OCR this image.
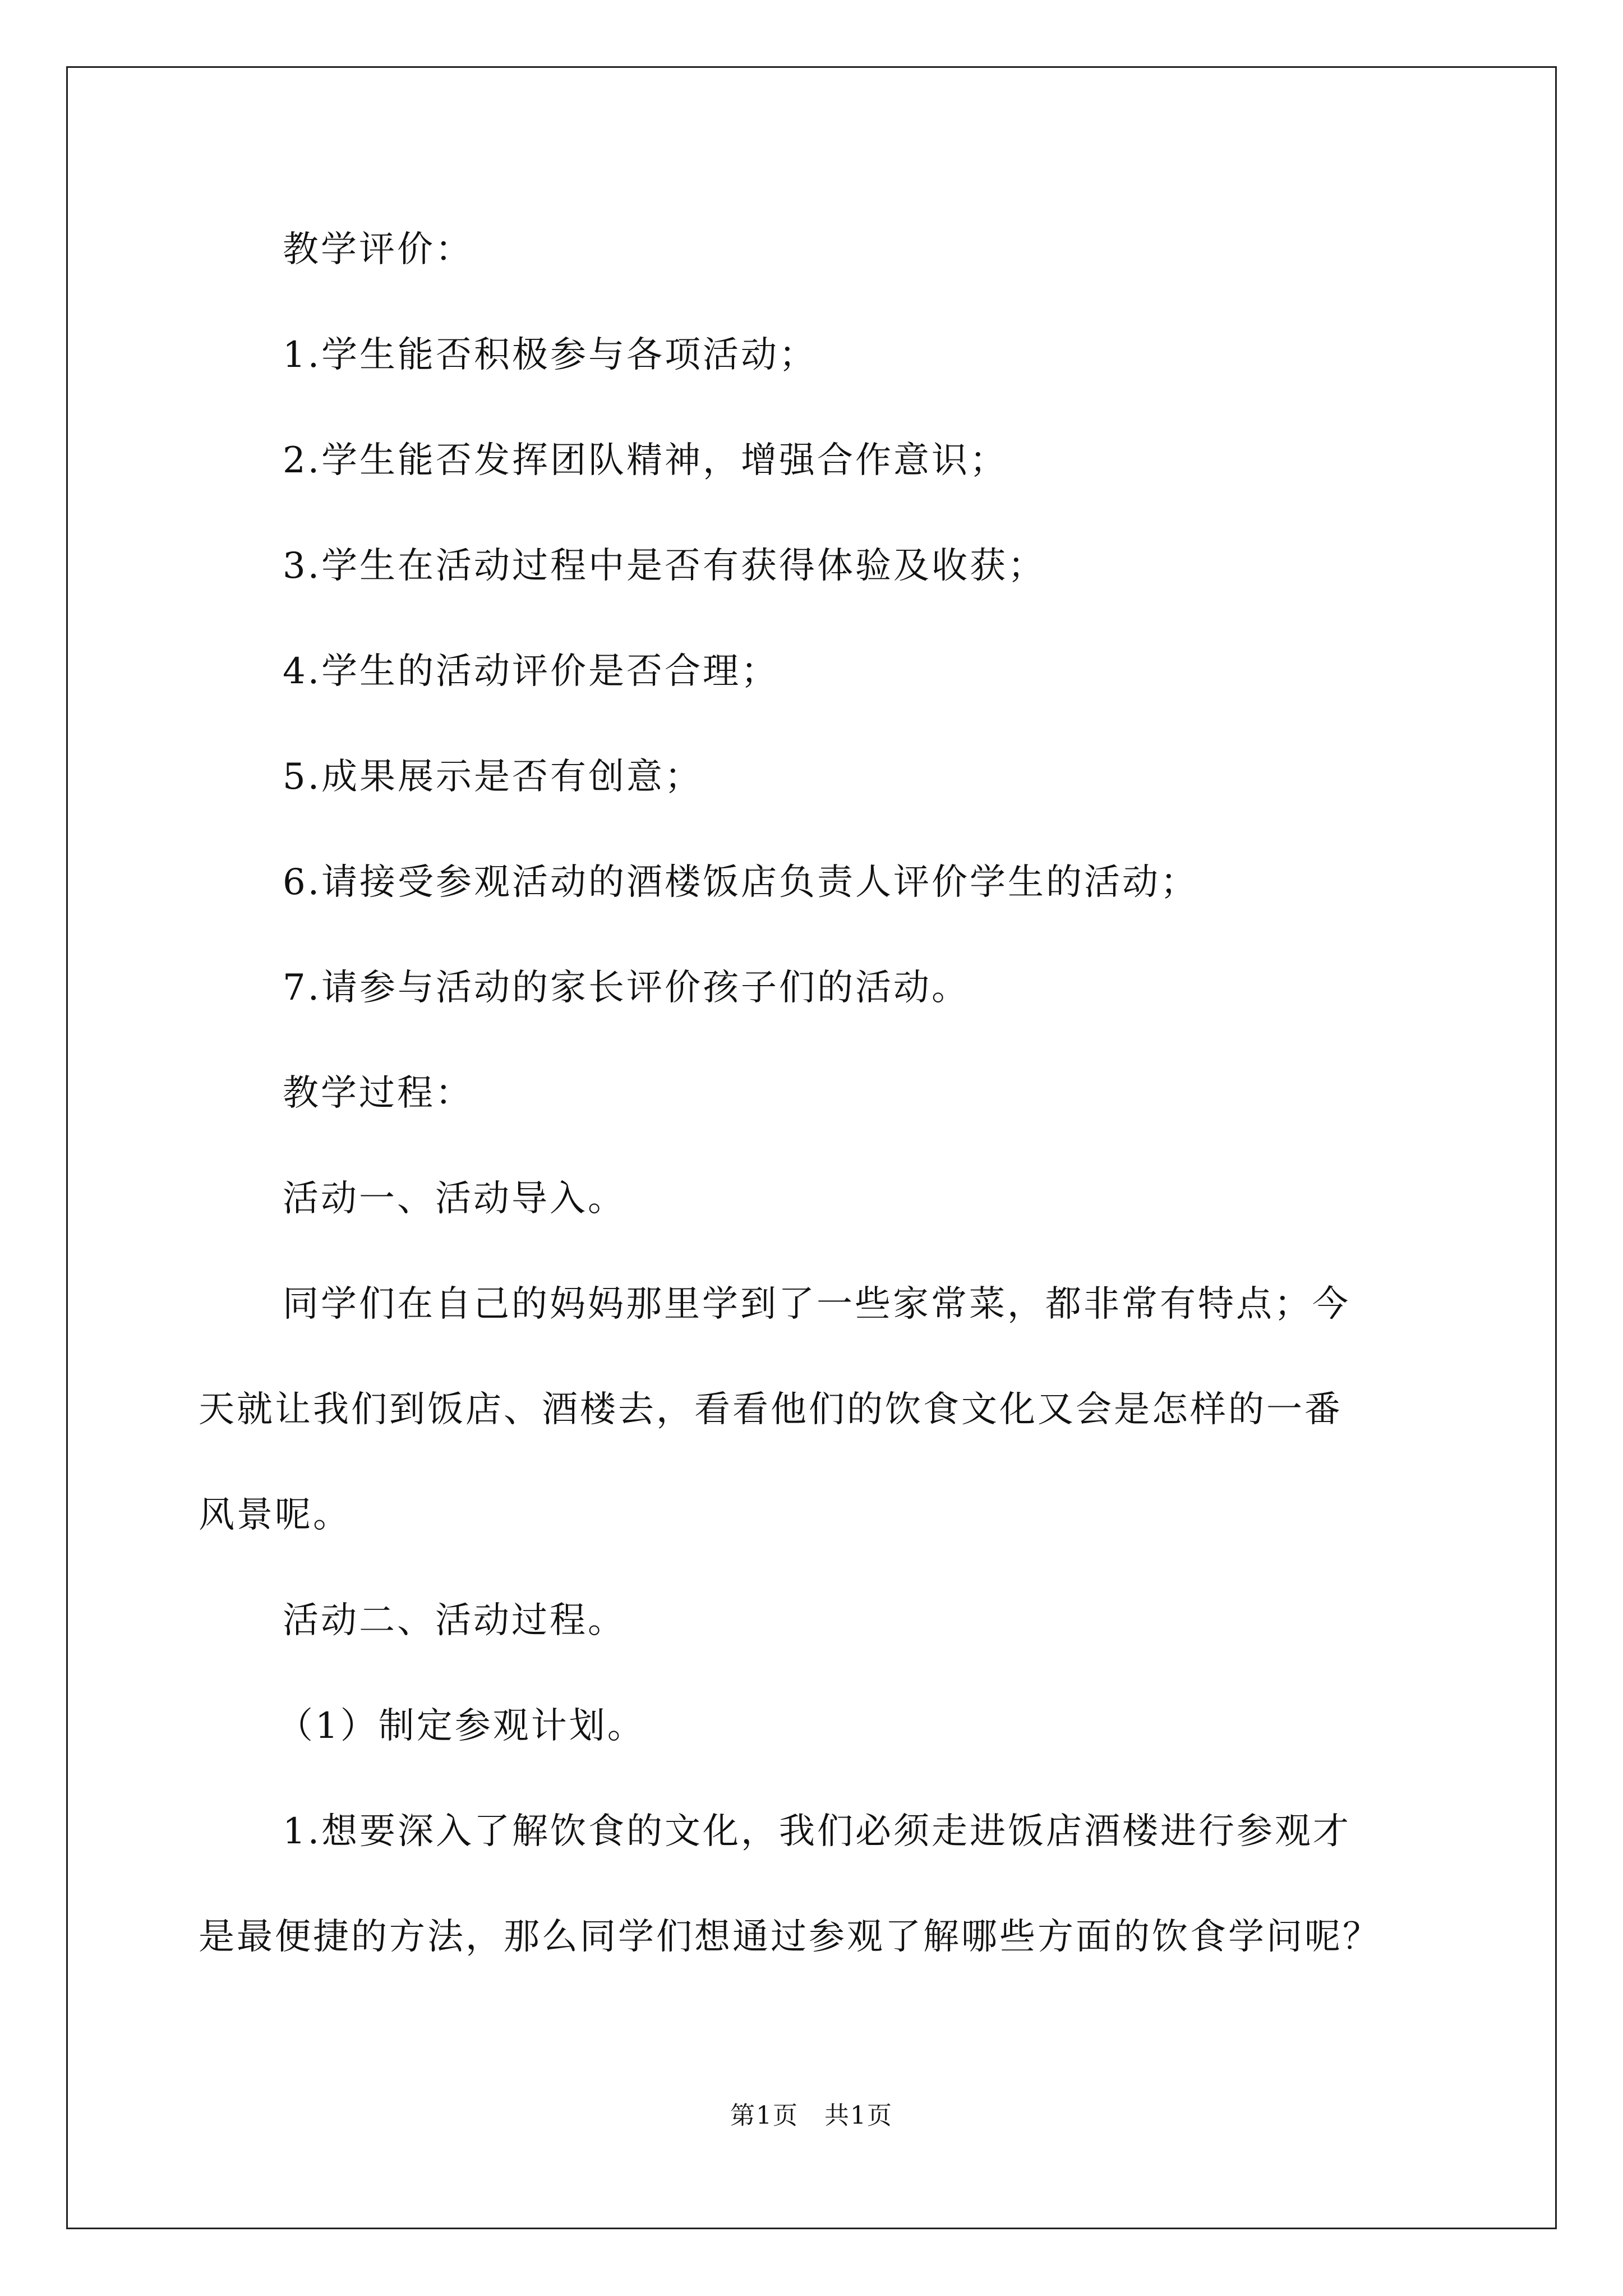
教学评价：
1.学生能否积极参与各项活动；
2.学生能否发挥团队精神，增强合作意识；
3.学生在活动过程中是否有获得体验及收获；
4.学生的活动评价是否合理；
5.成果展示是否有创意；
6.请接受参观活动的酒楼饭店负责人评价学生的活动；
7.请参与活动的家长评价孩子们的活动。
教学过程：
活动一、活动导入。
同学们在自己的妈妈那里学到了一些家常菜，都非常有特点；今
天就让我们到饭店、酒楼去，看看他们的饮食文化又会是怎样的一番
风景呢。
活动二、活动过程。
（1）制定参观计划。
1.想要深入了解饮食的文化，我们必须走进饭店酒楼进行参观才
是最便捷的方法，那么同学们想通过参观了解哪些方面的饮食学问呢？
第1页　共1页
